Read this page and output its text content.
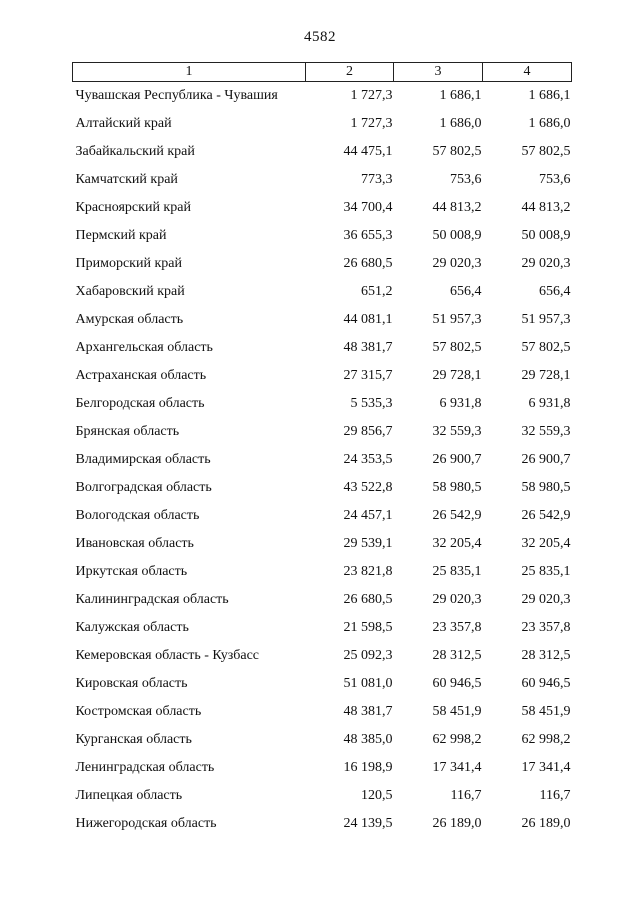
4582
1	2	3	4
Чувашская Республика - Чувашия	1 727,3	1 686,1	1 686,1
Алтайский край	1 727,3	1 686,0	1 686,0
Забайкальский край	44 475,1	57 802,5	57 802,5
Камчатский край	773,3	753,6	753,6
Красноярский край	34 700,4	44 813,2	44 813,2
Пермский край	36 655,3	50 008,9	50 008,9
Приморский край	26 680,5	29 020,3	29 020,3
Хабаровский край	651,2	656,4	656,4
Амурская область	44 081,1	51 957,3	51 957,3
Архангельская область	48 381,7	57 802,5	57 802,5
Астраханская область	27 315,7	29 728,1	29 728,1
Белгородская область	5 535,3	6 931,8	6 931,8
Брянская область	29 856,7	32 559,3	32 559,3
Владимирская область	24 353,5	26 900,7	26 900,7
Волгоградская область	43 522,8	58 980,5	58 980,5
Вологодская область	24 457,1	26 542,9	26 542,9
Ивановская область	29 539,1	32 205,4	32 205,4
Иркутская область	23 821,8	25 835,1	25 835,1
Калининградская область	26 680,5	29 020,3	29 020,3
Калужская область	21 598,5	23 357,8	23 357,8
Кемеровская область - Кузбасс	25 092,3	28 312,5	28 312,5
Кировская область	51 081,0	60 946,5	60 946,5
Костромская область	48 381,7	58 451,9	58 451,9
Курганская область	48 385,0	62 998,2	62 998,2
Ленинградская область	16 198,9	17 341,4	17 341,4
Липецкая область	120,5	116,7	116,7
Нижегородская область	24 139,5	26 189,0	26 189,0
